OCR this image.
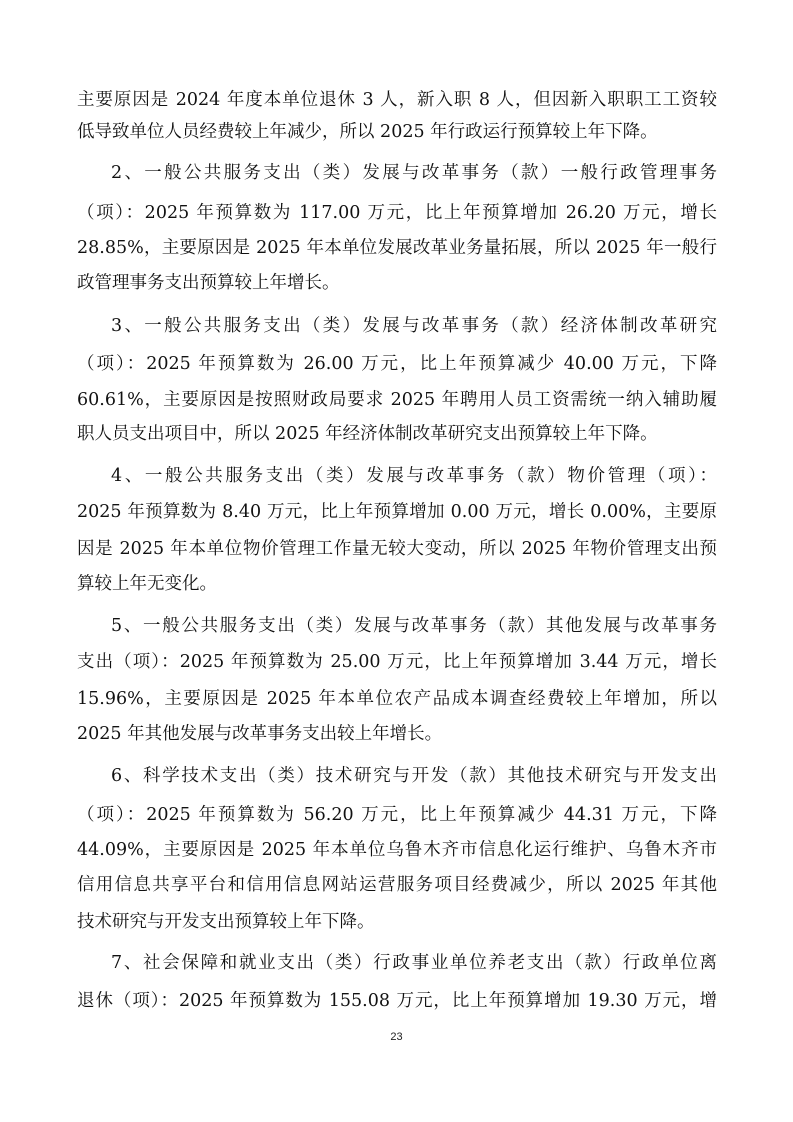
主要原因是 2024 年度本单位退休 3 人，新入职 8 人，但因新入职职工工资较
低导致单位人员经费较上年减少，所以 2025 年行政运行预算较上年下降。
2、一般公共服务支出（类）发展与改革事务（款）一般行政管理事务
（项）：2025 年预算数为 117.00 万元，比上年预算增加 26.20 万元，增长
28.85%，主要原因是 2025 年本单位发展改革业务量拓展，所以 2025 年一般行
政管理事务支出预算较上年增长。
3、一般公共服务支出（类）发展与改革事务（款）经济体制改革研究
（项）：2025 年预算数为 26.00 万元，比上年预算减少 40.00 万元，下降
60.61%，主要原因是按照财政局要求 2025 年聘用人员工资需统一纳入辅助履
职人员支出项目中，所以 2025 年经济体制改革研究支出预算较上年下降。
4、一般公共服务支出（类）发展与改革事务（款）物价管理（项）：
2025 年预算数为 8.40 万元，比上年预算增加 0.00 万元，增长 0.00%，主要原
因是 2025 年本单位物价管理工作量无较大变动，所以 2025 年物价管理支出预
算较上年无变化。
5、一般公共服务支出（类）发展与改革事务（款）其他发展与改革事务
支出（项）：2025 年预算数为 25.00 万元，比上年预算增加 3.44 万元，增长
15.96%，主要原因是 2025 年本单位农产品成本调查经费较上年增加，所以
2025 年其他发展与改革事务支出较上年增长。
6、科学技术支出（类）技术研究与开发（款）其他技术研究与开发支出
（项）：2025 年预算数为 56.20 万元，比上年预算减少 44.31 万元，下降
44.09%，主要原因是 2025 年本单位乌鲁木齐市信息化运行维护、乌鲁木齐市
信用信息共享平台和信用信息网站运营服务项目经费减少，所以 2025 年其他
技术研究与开发支出预算较上年下降。
7、社会保障和就业支出（类）行政事业单位养老支出（款）行政单位离
退休（项）：2025 年预算数为 155.08 万元，比上年预算增加 19.30 万元，增
23
